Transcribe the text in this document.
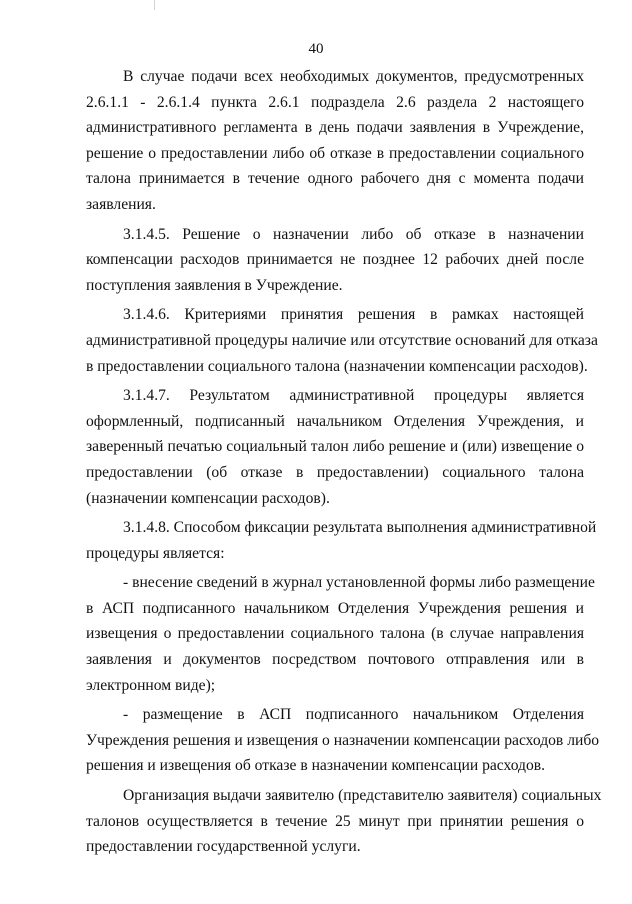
40
В случае подачи всех необходимых документов, предусмотренных
2.6.1.1 - 2.6.1.4 пункта 2.6.1 подраздела 2.6 раздела 2 настоящего
административного регламента в день подачи заявления в Учреждение,
решение о предоставлении либо об отказе в предоставлении социального
талона принимается в течение одного рабочего дня с момента подачи
заявления.
3.1.4.5. Решение о назначении либо об отказе в назначении
компенсации расходов принимается не позднее 12 рабочих дней после
поступления заявления в Учреждение.
3.1.4.6. Критериями принятия решения в рамках настоящей
административной процедуры наличие или отсутствие оснований для отказа
в предоставлении социального талона (назначении компенсации расходов).
3.1.4.7. Результатом административной процедуры является
оформленный, подписанный начальником Отделения Учреждения, и
заверенный печатью социальный талон либо решение и (или) извещение о
предоставлении (об отказе в предоставлении) социального талона
(назначении компенсации расходов).
3.1.4.8. Способом фиксации результата выполнения административной
процедуры является:
- внесение сведений в журнал установленной формы либо размещение
в АСП подписанного начальником Отделения Учреждения решения и
извещения о предоставлении социального талона (в случае направления
заявления и документов посредством почтового отправления или в
электронном виде);
- размещение в АСП подписанного начальником Отделения
Учреждения решения и извещения о назначении компенсации расходов либо
решения и извещения об отказе в назначении компенсации расходов.
Организация выдачи заявителю (представителю заявителя) социальных
талонов осуществляется в течение 25 минут при принятии решения о
предоставлении государственной услуги.
